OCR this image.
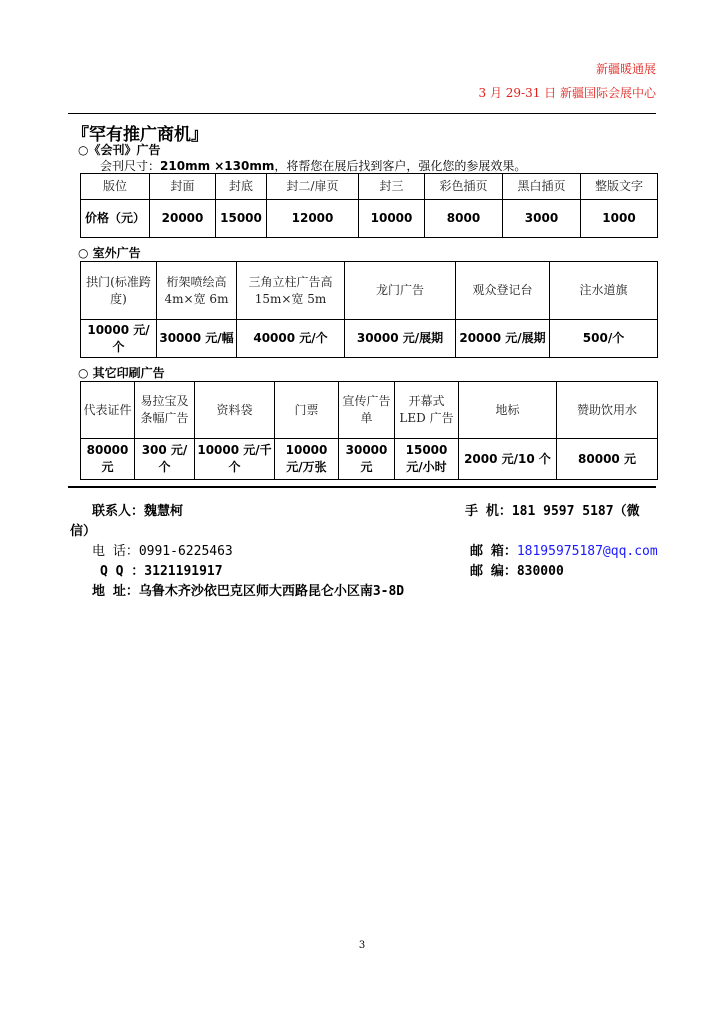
新疆暖通展
3 月 29-31 日 新疆国际会展中心
『罕有推广商机』
○《会刊》广告
会刊尺寸：210mm ×130mm，将帮您在展后找到客户，强化您的参展效果。
版位	封面	封底	封二/扉页	封三	彩色插页	黑白插页	整版文字
价格（元）	20000	15000	12000	10000	8000	3000	1000
○ 室外广告
拱门(标准跨度)	桁架喷绘高 4m×宽 6m	三角立柱广告高 15m×宽 5m	龙门广告	观众登记台	注水道旗
10000 元/个	30000 元/幅	40000 元/个	30000 元/展期	20000 元/展期	500/个
○ 其它印刷广告
代表证件	易拉宝及条幅广告	资料袋	门票	宣传广告单	开幕式 LED 广告	地标	赞助饮用水
80000 元	300 元/个	10000 元/千个	10000 元/万张	30000 元	15000 元/小时	2000 元/10 个	80000 元
联系人：魏慧柯	手 机：181 9597 5187（微
信）
电 话：0991-6225463	邮 箱：18195975187@qq.com
Q Q ：3121191917	邮 编：830000
地 址：乌鲁木齐沙依巴克区师大西路昆仑小区南3-8D
3
